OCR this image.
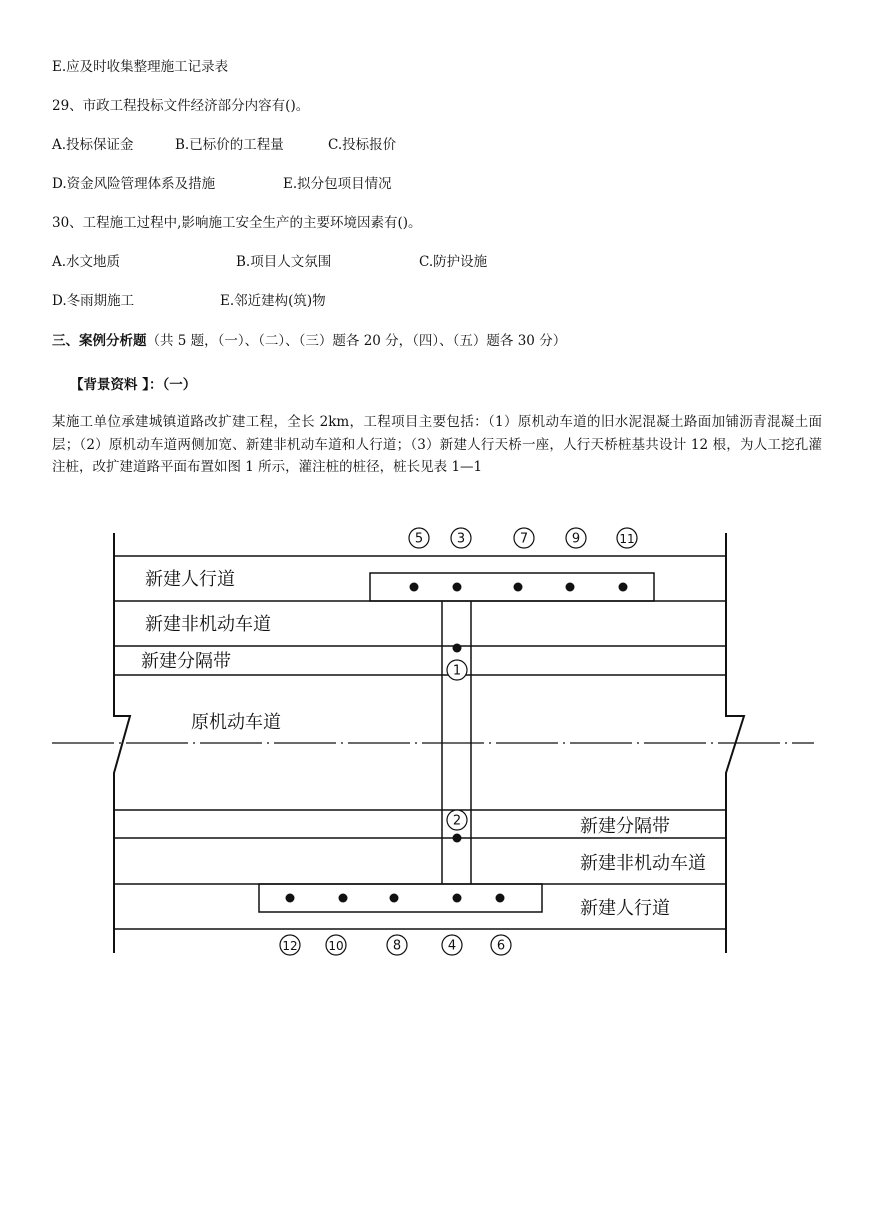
E.应及时收集整理施工记录表
29、市政工程投标文件经济部分内容有()。
A.投标保证金	B.已标价的工程量	C.投标报价
D.资金风险管理体系及措施	E.拟分包项目情况
30、工程施工过程中,影响施工安全生产的主要环境因素有()。
A.水文地质	B.项目人文氛围	C.防护设施
D.冬雨期施工	E.邻近建构(筑)物
三、案例分析题（共 5 题，（一）、（二）、（三）题各 20 分，（四）、（五）题各 30 分）
【背景资料 】：（一）
某施工单位承建城镇道路改扩建工程，全长 2km，工程项目主要包括：（1）原机动车道的旧水泥混凝土路面加铺沥青混凝土面层；（2）原机动车道两侧加宽、新建非机动车道和人行道；（3）新建人行天桥一座，人行天桥桩基共设计 12 根，为人工挖孔灌注桩，改扩建道路平面布置如图 1 所示，灌注桩的桩径，桩长见表 1—1
5	3	7	9	11
1
2
12	10	8	4	6
新建人行道
新建非机动车道
新建分隔带
原机动车道
新建分隔带
新建非机动车道
新建人行道
